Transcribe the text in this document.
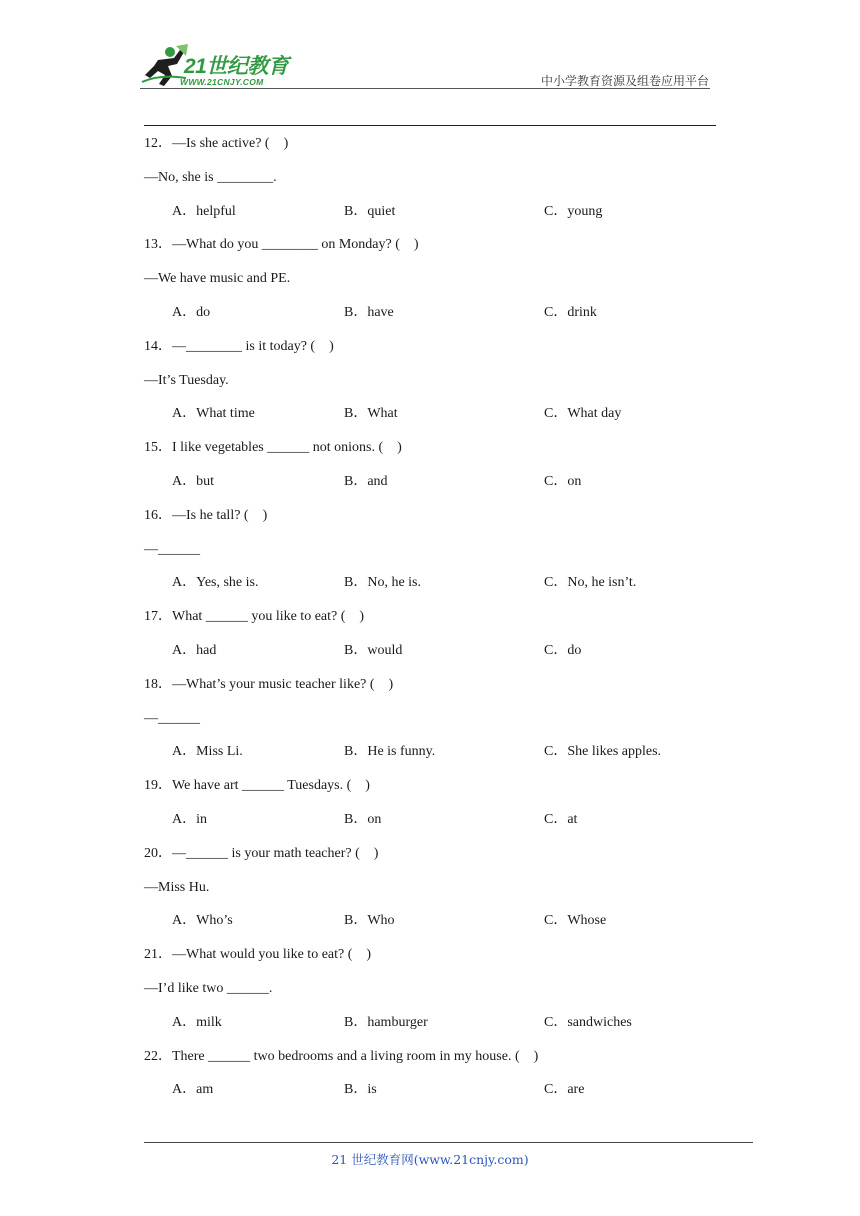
21世纪教育
WWW.21CNJY.COM	中小学教育资源及组卷应用平台
12．—Is she active? (    )
—No, she is ________.
A．helpful	B．quiet	C．young
13．—What do you ________ on Monday? (    )
—We have music and PE.
A．do	B．have	C．drink
14．—________ is it today? (    )
—It’s Tuesday.
A．What time	B．What	C．What day
15．I like vegetables ______ not onions. (    )
A．but	B．and	C．on
16．—Is he tall? (    )
—______
A．Yes, she is.	B．No, he is.	C．No, he isn’t.
17．What ______ you like to eat? (    )
A．had	B．would	C．do
18．—What’s your music teacher like? (    )
—______
A．Miss Li.	B．He is funny.	C．She likes apples.
19．We have art ______ Tuesdays. (    )
A．in	B．on	C．at
20．—______ is your math teacher? (    )
—Miss Hu.
A．Who’s	B．Who	C．Whose
21．—What would you like to eat? (    )
—I’d like two ______.
A．milk	B．hamburger	C．sandwiches
22．There ______ two bedrooms and a living room in my house. (    )
A．am	B．is	C．are
21 世纪教育网(www.21cnjy.com)
